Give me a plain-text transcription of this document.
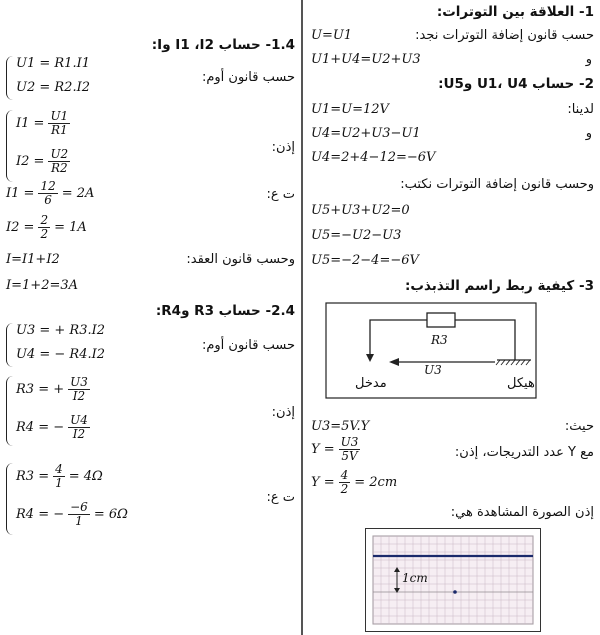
1- العلاقة بين التوترات:
حسب قانون إضافة التوترات نجد:
U=U1
و
U1+U4=U2+U3
2- حساب U1، U4 وU5:
لدينا:
U1=U=12V
و
U4=U2+U3−U1
U4=2+4−12=−6V
وحسب قانون إضافة التوترات نكتب:
U5+U3+U2=0
U5=−U2−U3
U5=−2−4=−6V
3- كيفية ربط راسم التذبذب:
R3
U3
مدخل	هيكل
حيث:
U3=5V.Y
مع Y عدد التدريجات، إذن:
$Y = \frac{U3}{5V}$
$Y = \frac{4}{2} = 2cm$
إذن الصورة المشاهدة هي:
1cm
1.4- حساب I1 ،I2 وI:
حسب قانون أوم:
U1 = R1.I1
U2 = R2.I2
إذن:
$I1 = \frac{U1}{R1}$
$I2 = \frac{U2}{R2}$
ت ع:
$I1 = \frac{12}{6} = 2A$
$I2 = \frac{2}{2} = 1A$
وحسب قانون العقد:
I=I1+I2
I=1+2=3A
2.4- حساب R3 وR4:
حسب قانون أوم:
U3 = + R3.I2
U4 = − R4.I2
إذن:
R3 = + $\frac{U3}{I2}$
R4 = − $\frac{U4}{I2}$
ت ع:
$R3 = \frac{4}{1} = 4\Omega$
R4 = − $\frac{-6}{1} = 6\Omega$
